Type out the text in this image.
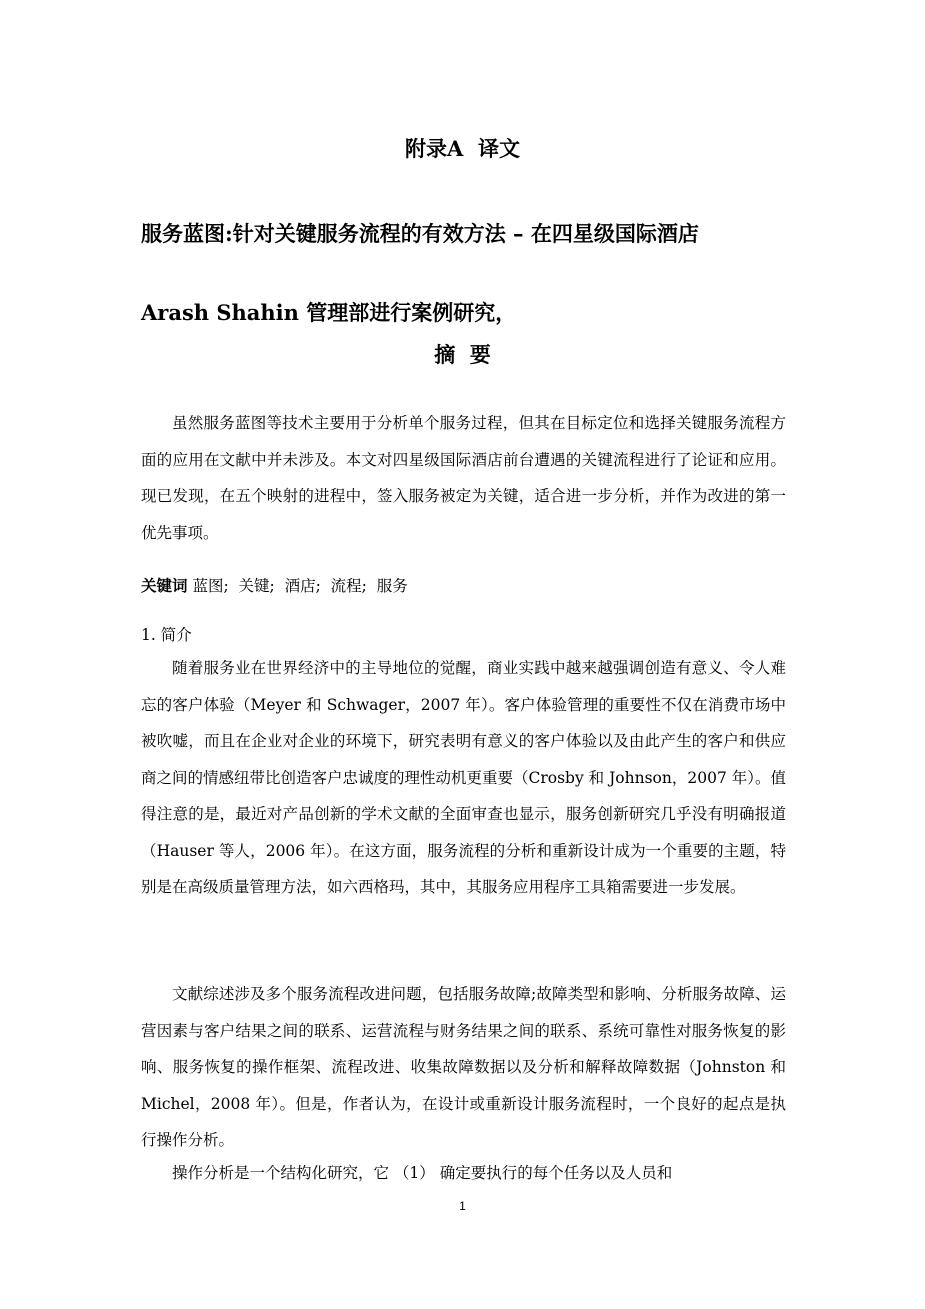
附录A  译文
服务蓝图:针对关键服务流程的有效方法 – 在四星级国际酒店
Arash Shahin 管理部进行案例研究，
摘  要
虽然服务蓝图等技术主要用于分析单个服务过程，但其在目标定位和选择关键服务流程方面的应用在文献中并未涉及。本文对四星级国际酒店前台遭遇的关键流程进行了论证和应用。现已发现，在五个映射的进程中，签入服务被定为关键，适合进一步分析，并作为改进的第一优先事项。
关键词 蓝图;  关键;  酒店;  流程;  服务
1. 简介
随着服务业在世界经济中的主导地位的觉醒，商业实践中越来越强调创造有意义、令人难忘的客户体验（Meyer 和 Schwager，2007 年）。客户体验管理的重要性不仅在消费市场中被吹嘘，而且在企业对企业的环境下，研究表明有意义的客户体验以及由此产生的客户和供应商之间的情感纽带比创造客户忠诚度的理性动机更重要（Crosby 和 Johnson，2007 年）。值得注意的是，最近对产品创新的学术文献的全面审查也显示，服务创新研究几乎没有明确报道（Hauser 等人，2006 年）。在这方面，服务流程的分析和重新设计成为一个重要的主题，特别是在高级质量管理方法，如六西格玛，其中，其服务应用程序工具箱需要进一步发展。
文献综述涉及多个服务流程改进问题，包括服务故障;故障类型和影响、分析服务故障、运营因素与客户结果之间的联系、运营流程与财务结果之间的联系、系统可靠性对服务恢复的影响、服务恢复的操作框架、流程改进、收集故障数据以及分析和解释故障数据（Johnston 和 Michel，2008 年）。但是，作者认为，在设计或重新设计服务流程时，一个良好的起点是执行操作分析。
操作分析是一个结构化研究，它 （1） 确定要执行的每个任务以及人员和
1
